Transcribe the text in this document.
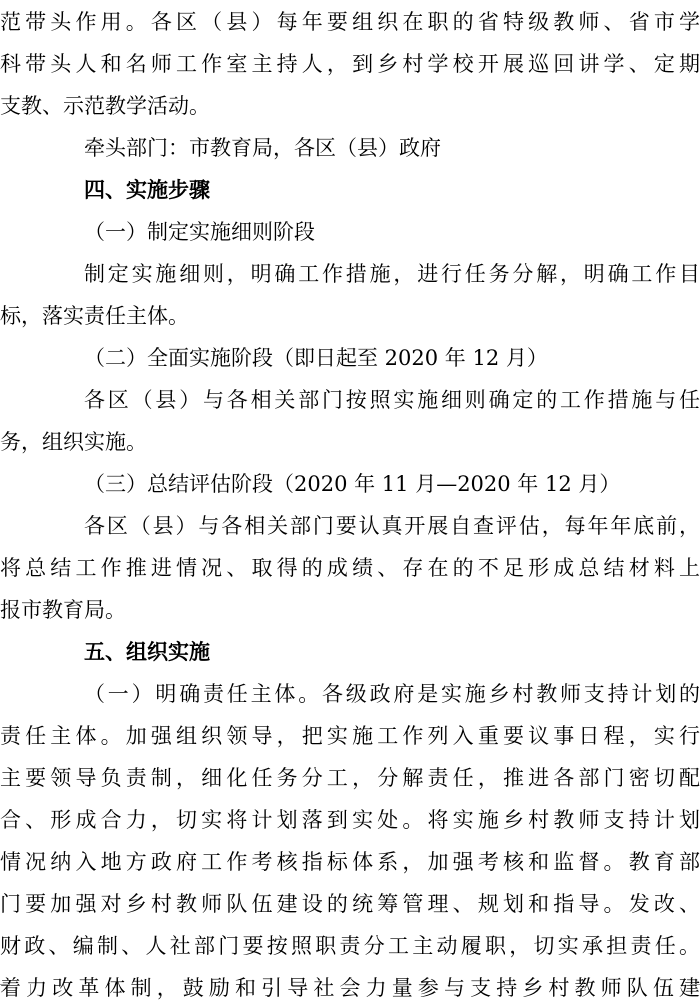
范带头作用。各区（县）每年要组织在职的省特级教师、省市学
科带头人和名师工作室主持人，到乡村学校开展巡回讲学、定期
支教、示范教学活动。
牵头部门：市教育局，各区（县）政府
四、实施步骤
（一）制定实施细则阶段
制定实施细则，明确工作措施，进行任务分解，明确工作目
标，落实责任主体。
（二）全面实施阶段（即日起至 2020 年 12 月）
各区（县）与各相关部门按照实施细则确定的工作措施与任
务，组织实施。
（三）总结评估阶段（2020 年 11 月—2020 年 12 月）
各区（县）与各相关部门要认真开展自查评估，每年年底前，
将总结工作推进情况、取得的成绩、存在的不足形成总结材料上
报市教育局。
五、组织实施
（一）明确责任主体。各级政府是实施乡村教师支持计划的
责任主体。加强组织领导，把实施工作列入重要议事日程，实行
主要领导负责制，细化任务分工，分解责任，推进各部门密切配
合、形成合力，切实将计划落到实处。将实施乡村教师支持计划
情况纳入地方政府工作考核指标体系，加强考核和监督。教育部
门要加强对乡村教师队伍建设的统筹管理、规划和指导。发改、
财政、编制、人社部门要按照职责分工主动履职，切实承担责任。
着力改革体制，鼓励和引导社会力量参与支持乡村教师队伍建
